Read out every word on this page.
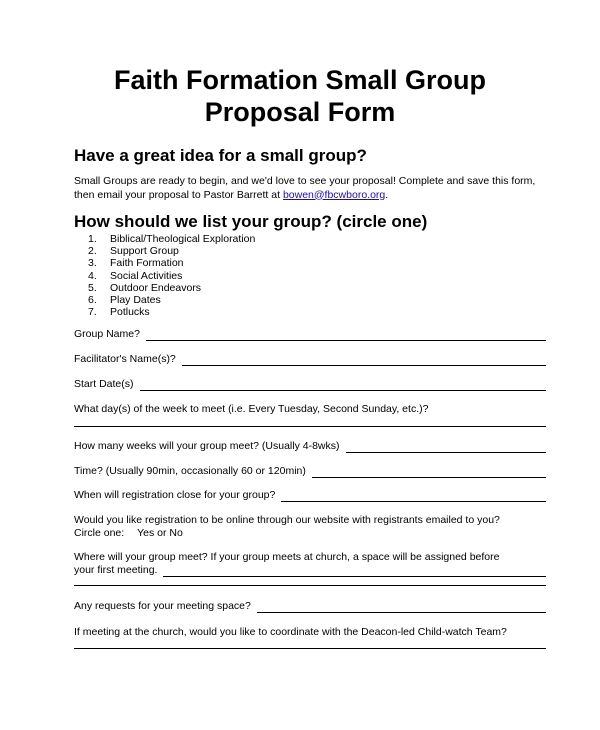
Faith Formation Small Group
Proposal Form
Have a great idea for a small group?
Small Groups are ready to begin, and we'd love to see your proposal! Complete and save this form, then email your proposal to Pastor Barrett at bowen@fbcwboro.org.
How should we list your group? (circle one)
1.	Biblical/Theological Exploration
2.	Support Group
3.	Faith Formation
4.	Social Activities
5.	Outdoor Endeavors
6.	Play Dates
7.	Potlucks
Group Name?
Facilitator's Name(s)?
Start Date(s)
What day(s) of the week to meet (i.e. Every Tuesday, Second Sunday, etc.)?
How many weeks will your group meet? (Usually 4-8wks)
Time? (Usually 90min, occasionally 60 or 120min)
When will registration close for your group?
Would you like registration to be online through our website with registrants emailed to you?
Circle one: Yes or No
Where will your group meet? If your group meets at church, a space will be assigned before
your first meeting.
Any requests for your meeting space?
If meeting at the church, would you like to coordinate with the Deacon-led Child-watch Team?
